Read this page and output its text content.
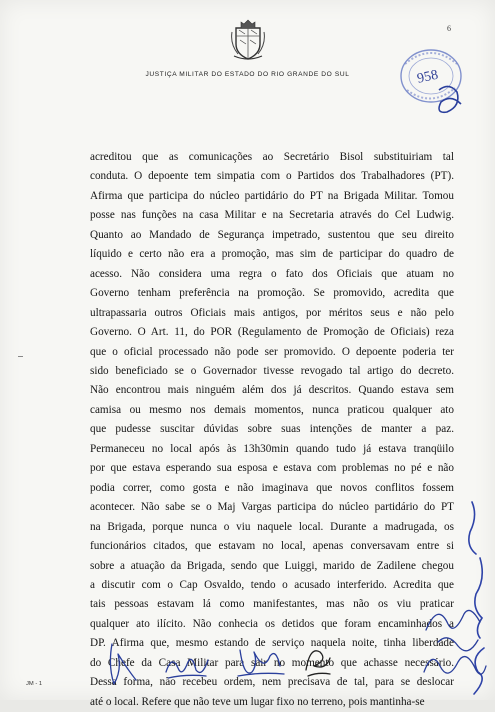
6
JUSTIÇA MILITAR DO ESTADO DO RIO GRANDE DO SUL	958
acreditou que as comunicações ao Secretário Bisol substituiriam tal
conduta. O depoente tem simpatia com o Partidos dos Trabalhadores (PT).
Afirma que participa do núcleo partidário do PT na Brigada Militar. Tomou
posse nas funções na casa Militar e na Secretaria através do Cel Ludwig.
Quanto ao Mandado de Segurança impetrado, sustentou que seu direito
líquido e certo não era a promoção, mas sim de participar do quadro de
acesso. Não considera uma regra o fato dos Oficiais que atuam no
Governo tenham preferência na promoção. Se promovido, acredita que
ultrapassaria outros Oficiais mais antigos, por méritos seus e não pelo
Governo. O Art. 11, do POR (Regulamento de Promoção de Oficiais) reza
que o oficial processado não pode ser promovido. O depoente poderia ter
sido beneficiado se o Governador tivesse revogado tal artigo do decreto.
Não encontrou mais ninguém além dos já descritos. Quando estava sem
camisa ou mesmo nos demais momentos, nunca praticou qualquer ato
que pudesse suscitar dúvidas sobre suas intenções de manter a paz.
Permaneceu no local após às 13h30min quando tudo já estava tranqüilo
por que estava esperando sua esposa e estava com problemas no pé e não
podia correr, como gosta e não imaginava que novos conflitos fossem
acontecer. Não sabe se o Maj Vargas participa do núcleo partidário do PT
na Brigada, porque nunca o viu naquele local. Durante a madrugada, os
funcionários citados, que estavam no local, apenas conversavam entre si
sobre a atuação da Brigada, sendo que Luiggi, marido de Zadilene chegou
a discutir com o Cap Osvaldo, tendo o acusado interferido. Acredita que
tais pessoas estavam lá como manifestantes, mas não os viu praticar
qualquer ato ilícito. Não conhecia os detidos que foram encaminhados a
DP. Afirma que, mesmo estando de serviço naquela noite, tinha liberdade
do Chefe da Casa Militar para sair no momento que achasse necessário.
Dessa forma, não recebeu ordem, nem precisava de tal, para se deslocar
até o local. Refere que não teve um lugar fixo no terreno, pois mantinha-se
JM - 1
